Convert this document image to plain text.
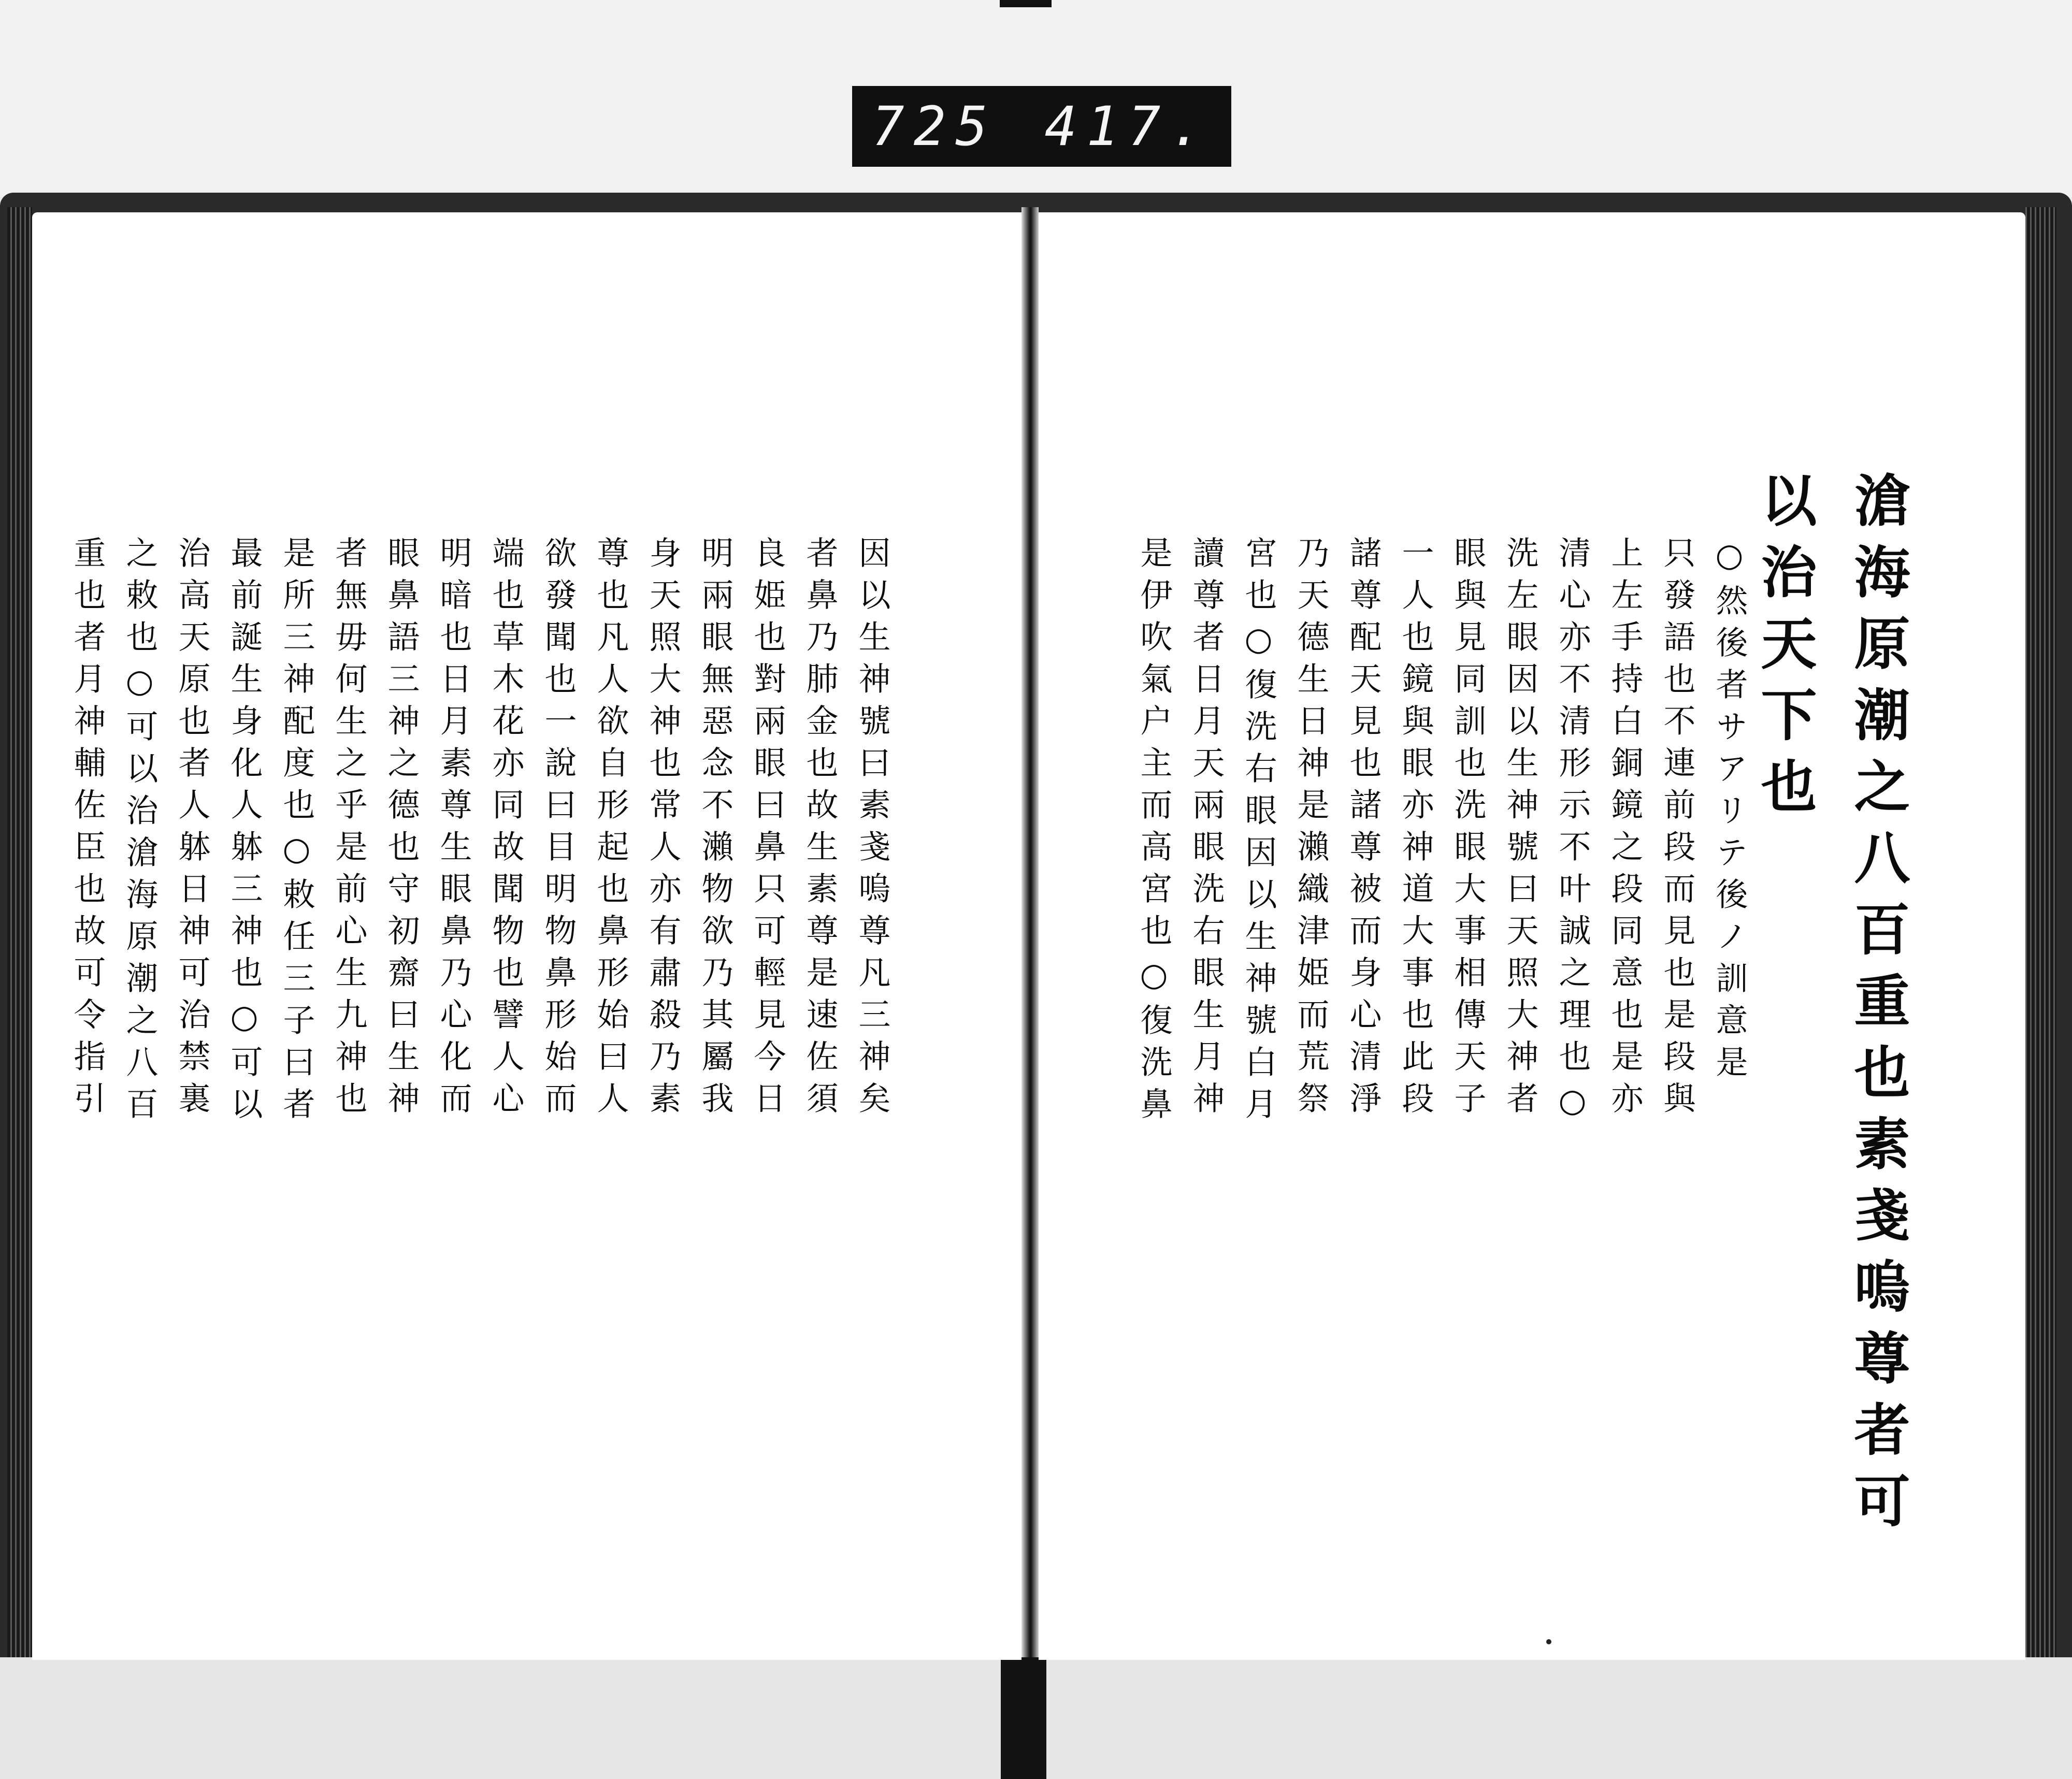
725 417.
因以生神號曰素戔嗚尊凡三神矣
者鼻乃肺金也故生素尊是速佐須
良姫也對兩眼曰鼻只可輕見今日
明兩眼無惡念不瀨物欲乃其屬我
身天照大神也常人亦有肅殺乃素
尊也凡人欲自形起也鼻形始曰人
欲發聞也一說曰目明物鼻形始而
端也草木花亦同故聞物也譬人心
明暗也日月素尊生眼鼻乃心化而
眼鼻語三神之德也守初齋曰生神
者無毋何生之乎是前心生九神也
是所三神配度也○敕任三子曰者
最前誕生身化人躰三神也○可以
治高天原也者人躰日神可治禁裏
之敕也○可以治滄海原潮之八百
重也者月神輔佐臣也故可令指引	滄海原潮之八百重也素戔嗚尊者可
以治天下也
○然後者サアリテ後ノ訓意是
只發語也不連前段而見也是段與
上左手持白銅鏡之段同意也是亦
清心亦不清形示不叶誠之理也○
洗左眼因以生神號曰天照大神者
眼與見同訓也洗眼大事相傳天子
一人也鏡與眼亦神道大事也此段
諸尊配天見也諸尊被而身心清淨
乃天德生日神是瀨織津姫而荒祭
宮也○復洗右眼因以生神號白月
讀尊者日月天兩眼洗右眼生月神
是伊吹氣户主而高宮也○復洗鼻
